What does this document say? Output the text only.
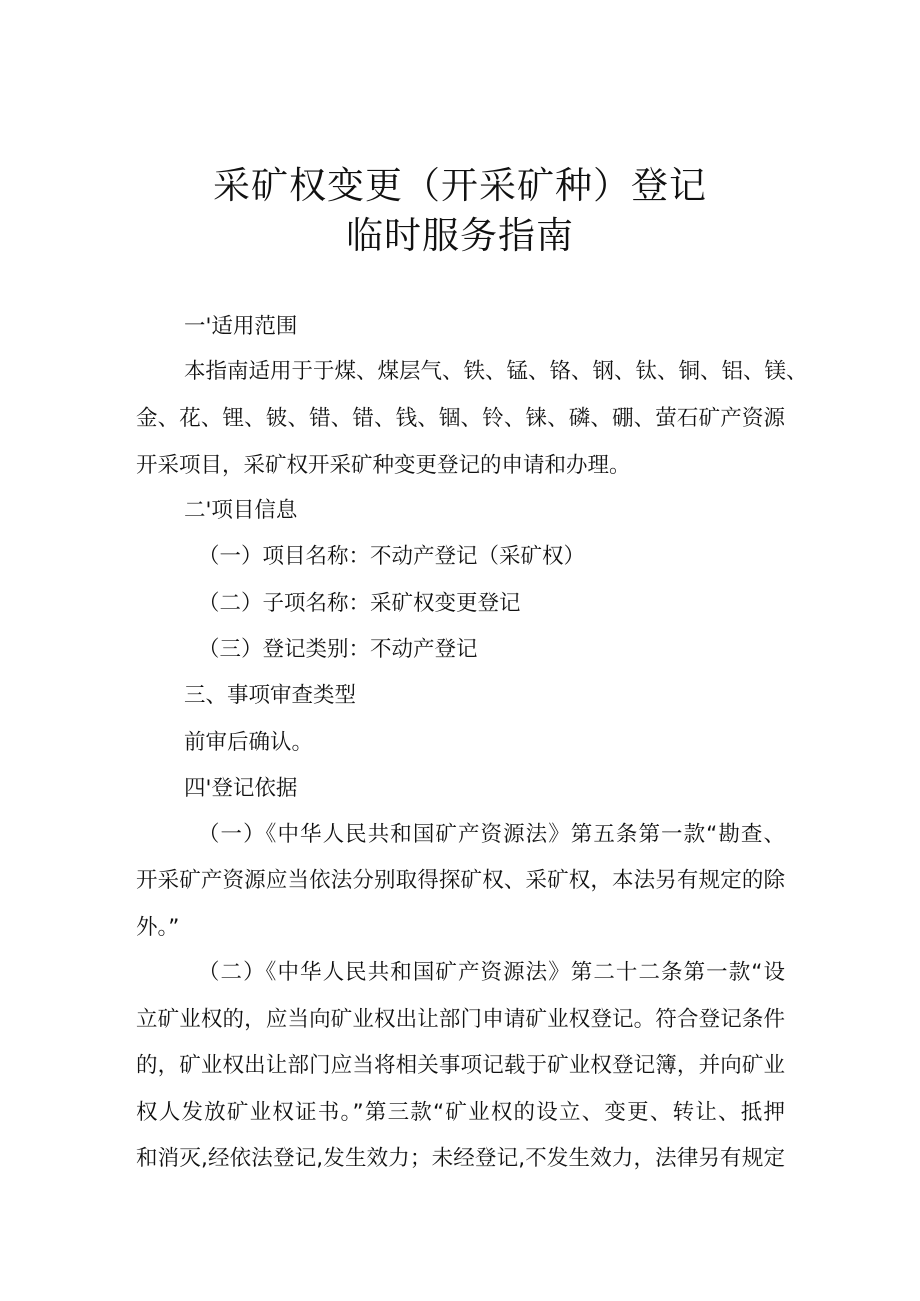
采矿权变更（开采矿种）登记
临时服务指南
一'适用范围
本指南适用于于煤、煤层气、铁、锰、铬、钢、钛、铜、铝、镁、
金、花、锂、铍、错、错、钱、锢、铃、铼、磷、硼、萤石矿产资源
开采项目，采矿权开采矿种变更登记的申请和办理。
二'项目信息
（一）项目名称：不动产登记（采矿权）
（二）子项名称：采矿权变更登记
（三）登记类别：不动产登记
三、事项审查类型
前审后确认。
四'登记依据
（一）《中华人民共和国矿产资源法》第五条第一款“勘查、
开采矿产资源应当依法分别取得探矿权、采矿权，本法另有规定的除
外。”
（二）《中华人民共和国矿产资源法》第二十二条第一款“设
立矿业权的，应当向矿业权出让部门申请矿业权登记。符合登记条件
的，矿业权出让部门应当将相关事项记载于矿业权登记簿，并向矿业
权人发放矿业权证书。”第三款“矿业权的设立、变更、转让、抵押
和消灭,经依法登记,发生效力；未经登记,不发生效力，法律另有规定
